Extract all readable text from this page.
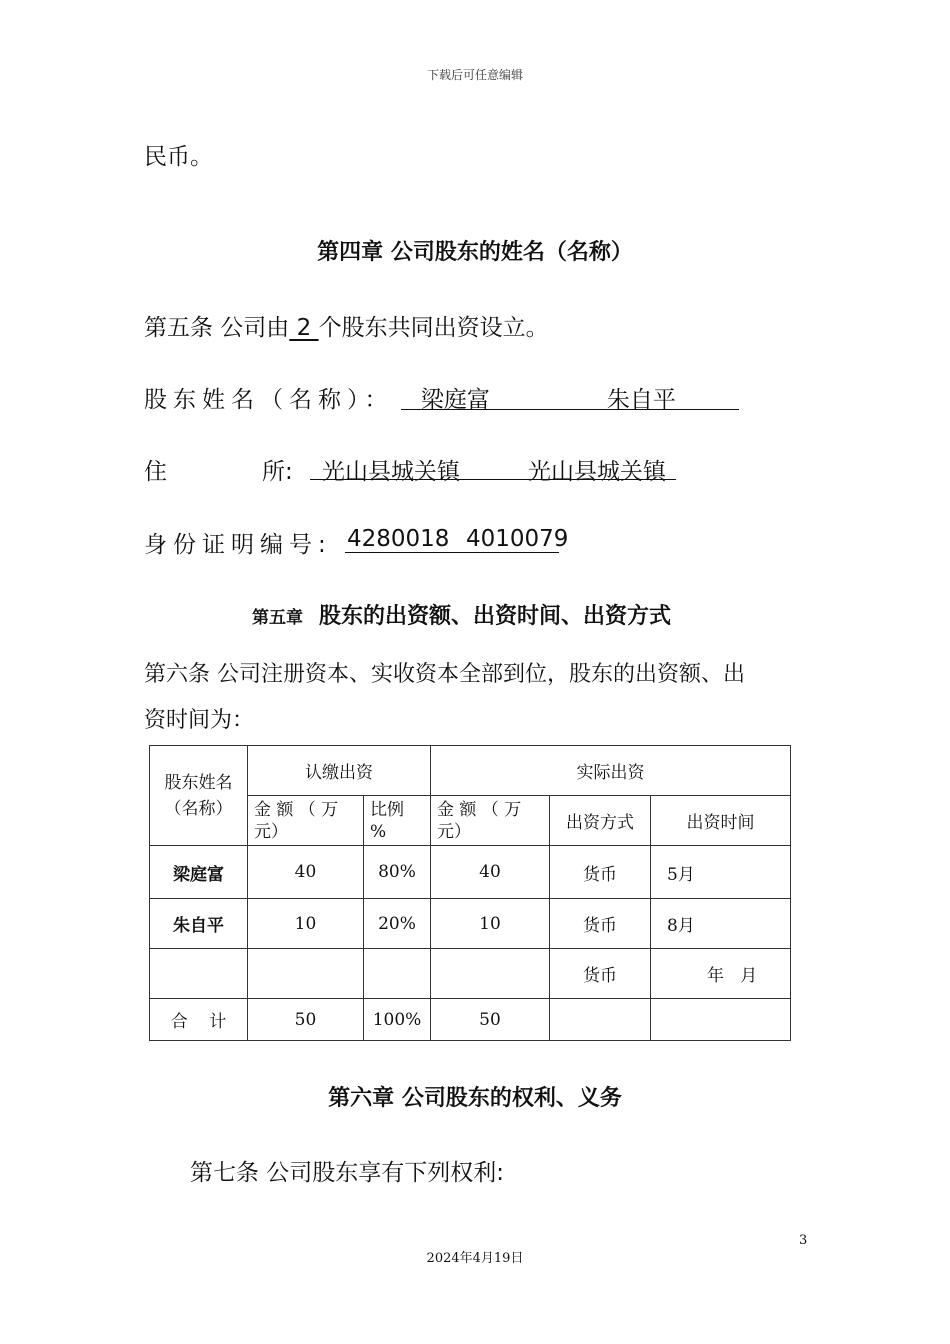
下载后可任意编辑
民币。
第四章 公司股东的姓名（名称）
第五条 公司由 2 个股东共同出资设立。
股东姓名（名称）： 梁庭富	朱自平
住	所: 光山县城关镇	光山县城关镇
身份证明编号: 4280018 4010079
第五章 股东的出资额、出资时间、出资方式
第六条 公司注册资本、实收资本全部到位，股东的出资额、出
资时间为：
股东姓名（名称）	认缴出资		实际出资		
	金 额 （ 万 元）	比例 %	金 额 （ 万 元）	出资方式	出资时间
梁庭富	40	80%	40	货币	5月
朱自平	10	20%	10	货币	8月
				货币	年   月
合    计	50	100%	50		
第六章 公司股东的权利、义务
第七条 公司股东享有下列权利:
3
2024年4月19日
